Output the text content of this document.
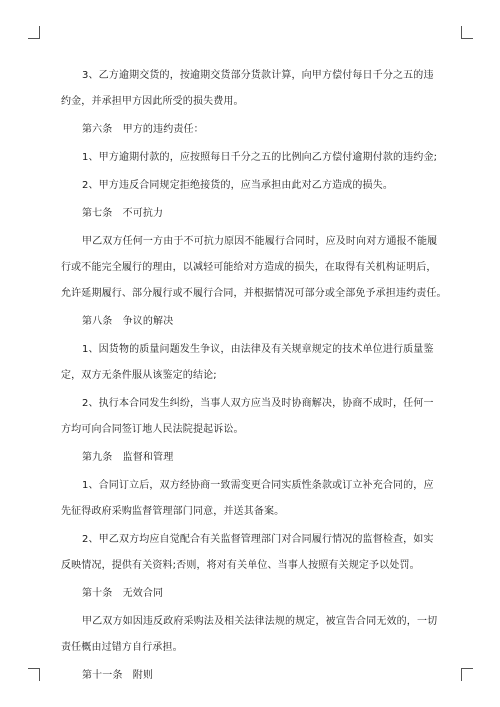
3、乙方逾期交货的，按逾期交货部分货款计算，向甲方偿付每日千分之五的违

约金，并承担甲方因此所受的损失费用。

第六条　甲方的违约责任：

1、甲方逾期付款的，应按照每日千分之五的比例向乙方偿付逾期付款的违约金;

2、甲方违反合同规定拒绝接货的，应当承担由此对乙方造成的损失。

第七条　不可抗力

甲乙双方任何一方由于不可抗力原因不能履行合同时，应及时向对方通报不能履

行或不能完全履行的理由，以减轻可能给对方造成的损失，在取得有关机构证明后，

允许延期履行、部分履行或不履行合同，并根据情况可部分或全部免予承担违约责任。

第八条　争议的解决

1、因货物的质量问题发生争议，由法律及有关规章规定的技术单位进行质量鉴

定，双方无条件服从该鉴定的结论;

2、执行本合同发生纠纷，当事人双方应当及时协商解决，协商不成时，任何一

方均可向合同签订地人民法院提起诉讼。

第九条　监督和管理

1、合同订立后，双方经协商一致需变更合同实质性条款或订立补充合同的，应

先征得政府采购监督管理部门同意，并送其备案。

2、甲乙双方均应自觉配合有关监督管理部门对合同履行情况的监督检查，如实

反映情况，提供有关资料;否则，将对有关单位、当事人按照有关规定予以处罚。

第十条　无效合同

甲乙双方如因违反政府采购法及相关法律法规的规定，被宣告合同无效的，一切

责任概由过错方自行承担。

第十一条　附则
